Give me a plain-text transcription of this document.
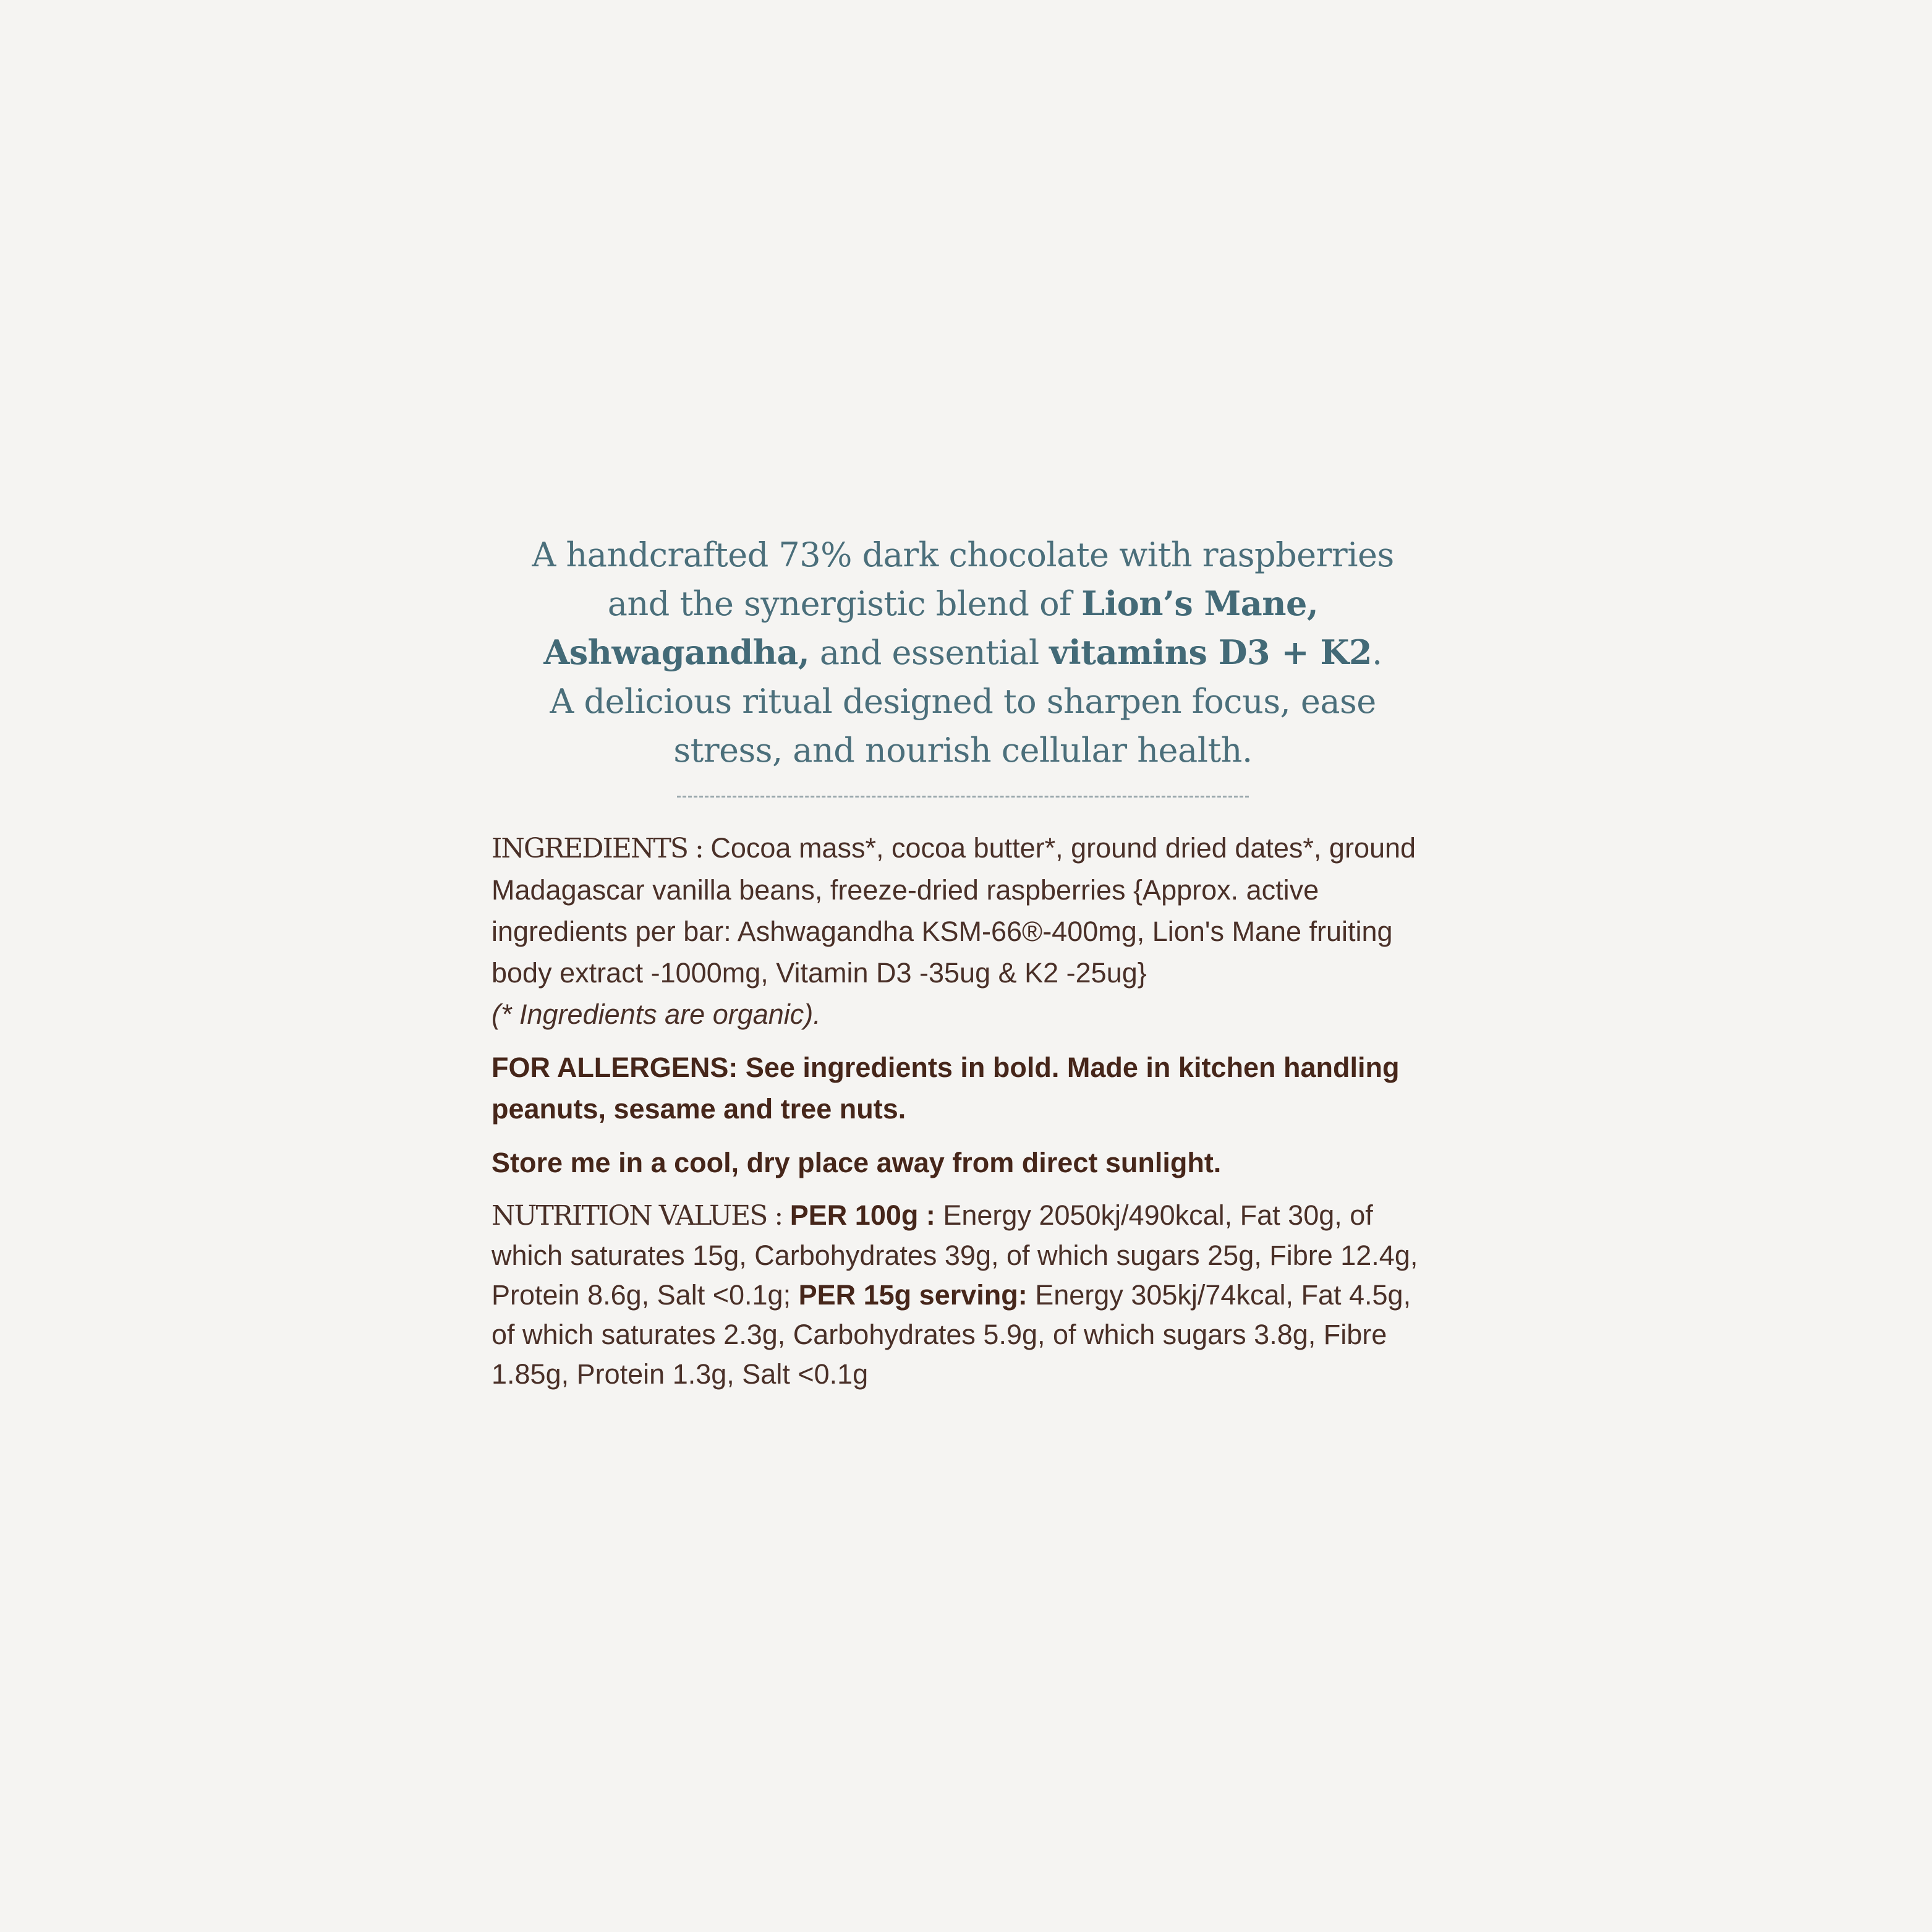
A handcrafted 73% dark chocolate with raspberries
and the synergistic blend of Lion’s Mane,
Ashwagandha, and essential vitamins D3 + K2.
A delicious ritual designed to sharpen focus, ease
stress, and nourish cellular health.

INGREDIENTS : Cocoa mass*, cocoa butter*, ground dried dates*, ground Madagascar vanilla beans, freeze-dried raspberries {Approx. active ingredients per bar: Ashwagandha KSM-66®-400mg, Lion's Mane fruiting body extract -1000mg, Vitamin D3 -35ug & K2 -25ug}
(* Ingredients are organic).

FOR ALLERGENS: See ingredients in bold. Made in kitchen handling peanuts, sesame and tree nuts.

Store me in a cool, dry place away from direct sunlight.

NUTRITION VALUES : PER 100g : Energy 2050kj/490kcal, Fat 30g, of which saturates 15g, Carbohydrates 39g, of which sugars 25g, Fibre 12.4g, Protein 8.6g, Salt <0.1g; PER 15g serving: Energy 305kj/74kcal, Fat 4.5g, of which saturates 2.3g, Carbohydrates 5.9g, of which sugars 3.8g, Fibre 1.85g, Protein 1.3g, Salt <0.1g
